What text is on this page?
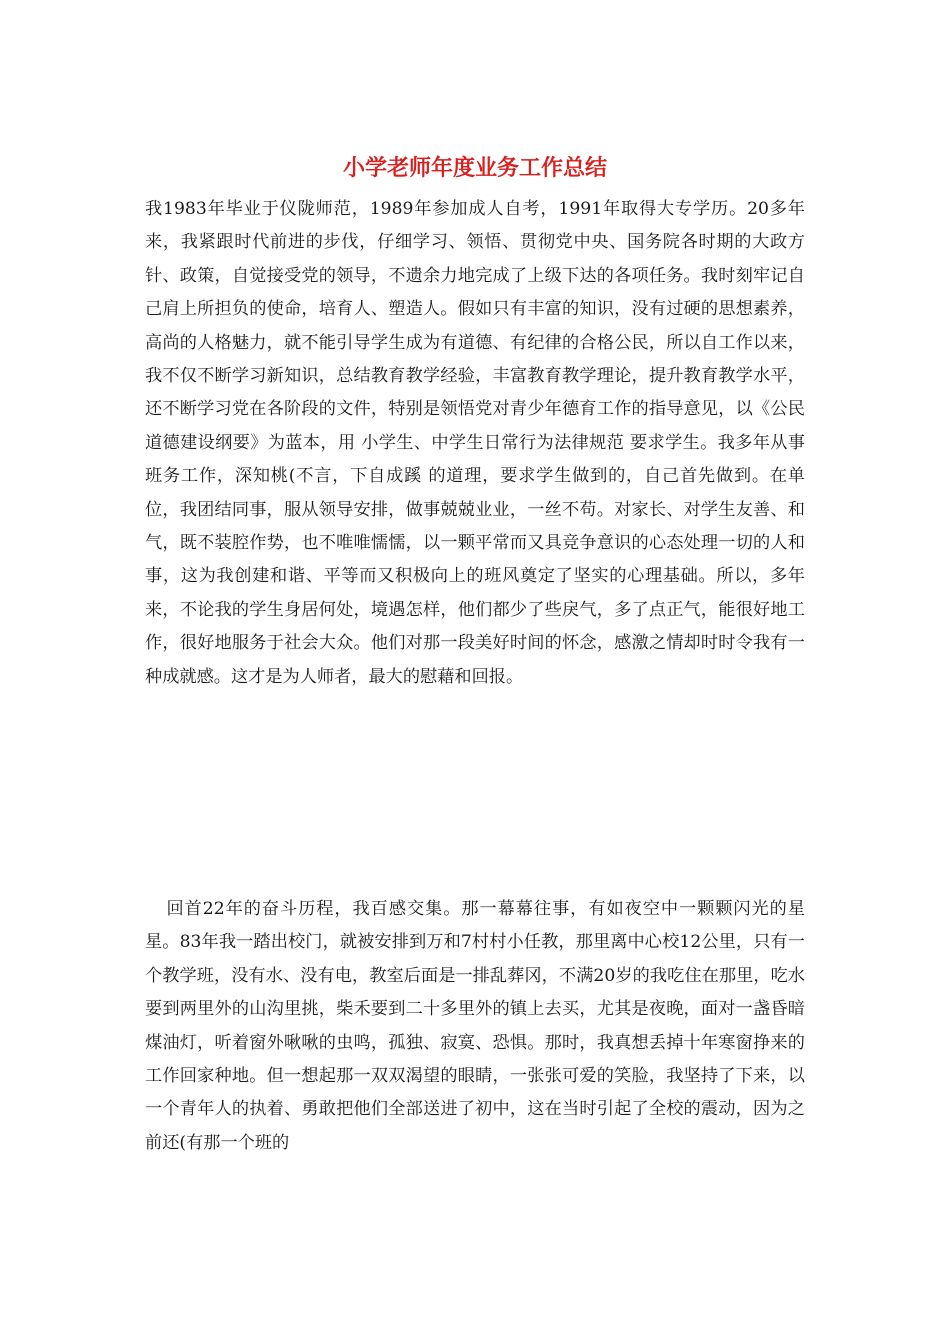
小学老师年度业务工作总结

我1983年毕业于仪陇师范，1989年参加成人自考，1991年取得大专学历。20多年来，我紧跟时代前进的步伐，仔细学习、领悟、贯彻党中央、国务院各时期的大政方针、政策，自觉接受党的领导，不遗余力地完成了上级下达的各项任务。我时刻牢记自己肩上所担负的使命，培育人、塑造人。假如只有丰富的知识，没有过硬的思想素养，高尚的人格魅力，就不能引导学生成为有道德、有纪律的合格公民，所以自工作以来，我不仅不断学习新知识，总结教育教学经验，丰富教育教学理论，提升教育教学水平，还不断学习党在各阶段的文件，特别是领悟党对青少年德育工作的指导意见，以《公民道德建设纲要》为蓝本，用 小学生、中学生日常行为法律规范 要求学生。我多年从事班务工作，深知桃(不言，下自成蹊 的道理，要求学生做到的，自己首先做到。在单位，我团结同事，服从领导安排，做事兢兢业业，一丝不苟。对家长、对学生友善、和气，既不装腔作势，也不唯唯懦懦，以一颗平常而又具竞争意识的心态处理一切的人和事，这为我创建和谐、平等而又积极向上的班风奠定了坚实的心理基础。所以，多年来，不论我的学生身居何处，境遇怎样，他们都少了些戾气，多了点正气，能很好地工作，很好地服务于社会大众。他们对那一段美好时间的怀念，感激之情却时时令我有一种成就感。这才是为人师者，最大的慰藉和回报。

回首22年的奋斗历程，我百感交集。那一幕幕往事，有如夜空中一颗颗闪光的星星。83年我一踏出校门，就被安排到万和7村村小任教，那里离中心校12公里，只有一个教学班，没有水、没有电，教室后面是一排乱葬冈，不满20岁的我吃住在那里，吃水要到两里外的山沟里挑，柴禾要到二十多里外的镇上去买，尤其是夜晚，面对一盏昏暗煤油灯，听着窗外啾啾的虫鸣，孤独、寂寞、恐惧。那时，我真想丢掉十年寒窗挣来的工作回家种地。但一想起那一双双渴望的眼睛，一张张可爱的笑脸，我坚持了下来，以一个青年人的执着、勇敢把他们全部送进了初中，这在当时引起了全校的震动，因为之前还(有那一个班的
